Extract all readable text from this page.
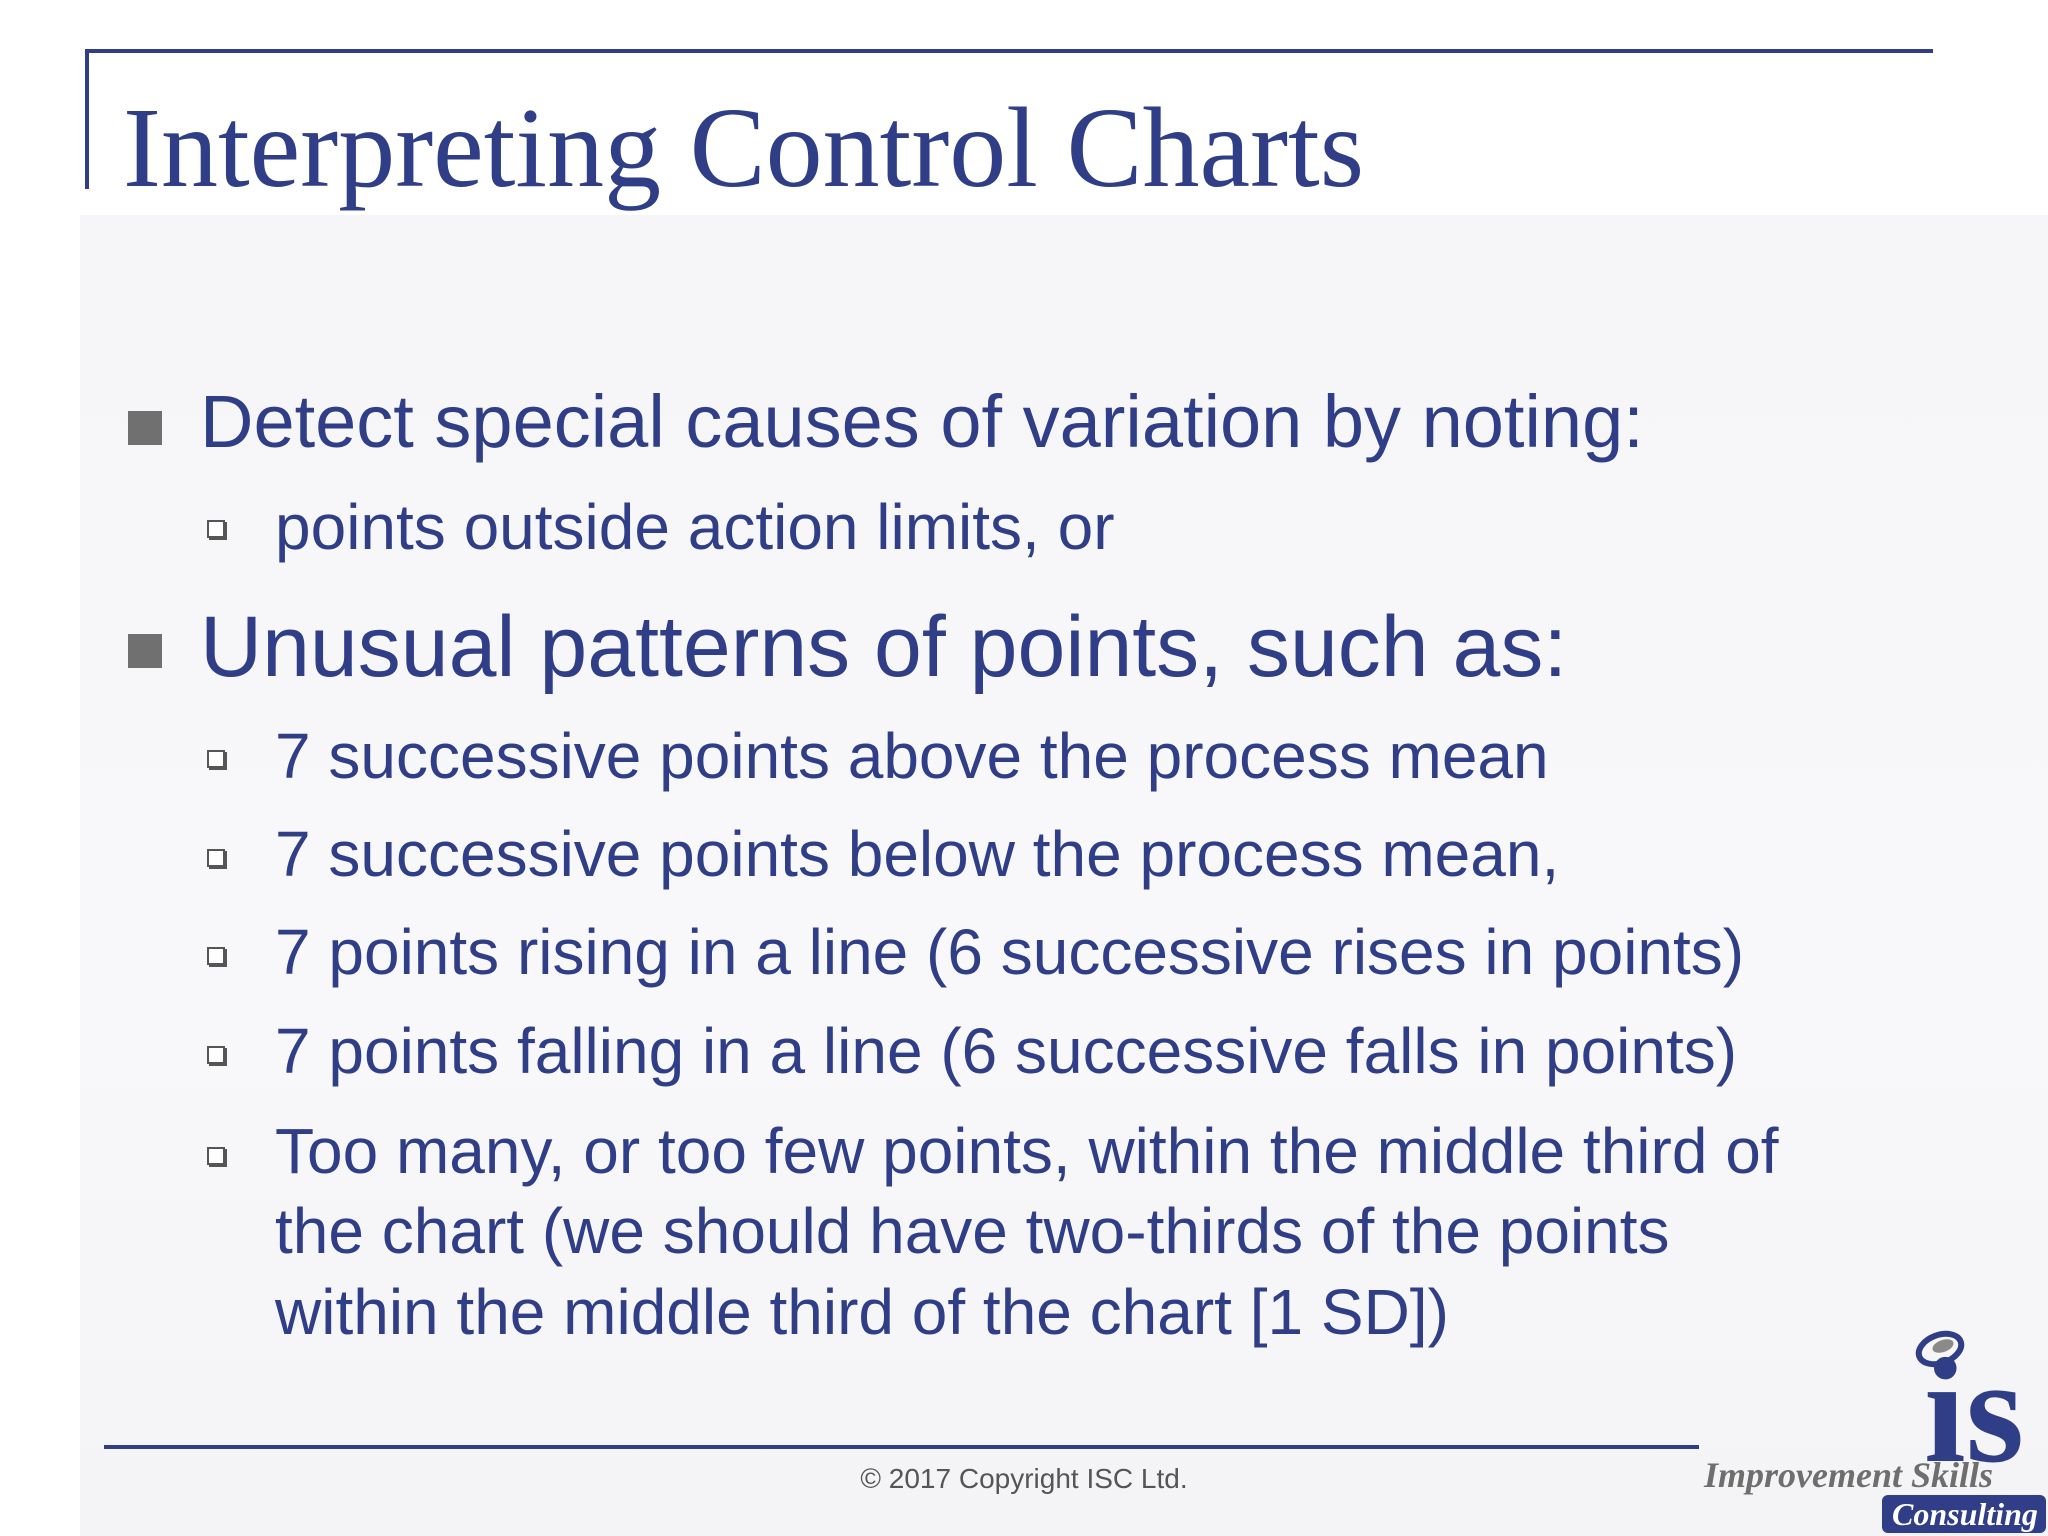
Interpreting Control Charts
Detect special causes of variation by noting:
points outside action limits, or
Unusual patterns of points, such as:
7 successive points above the process mean
7 successive points below the process mean,
7 points rising in a line (6 successive rises in points)
7 points falling in a line (6 successive falls in points)
Too many, or too few points, within the middle third of
the chart (we should have two-thirds of the points
within the middle third of the chart [1 SD])
© 2017 Copyright ISC Ltd.	is
Improvement Skills
Consulting
